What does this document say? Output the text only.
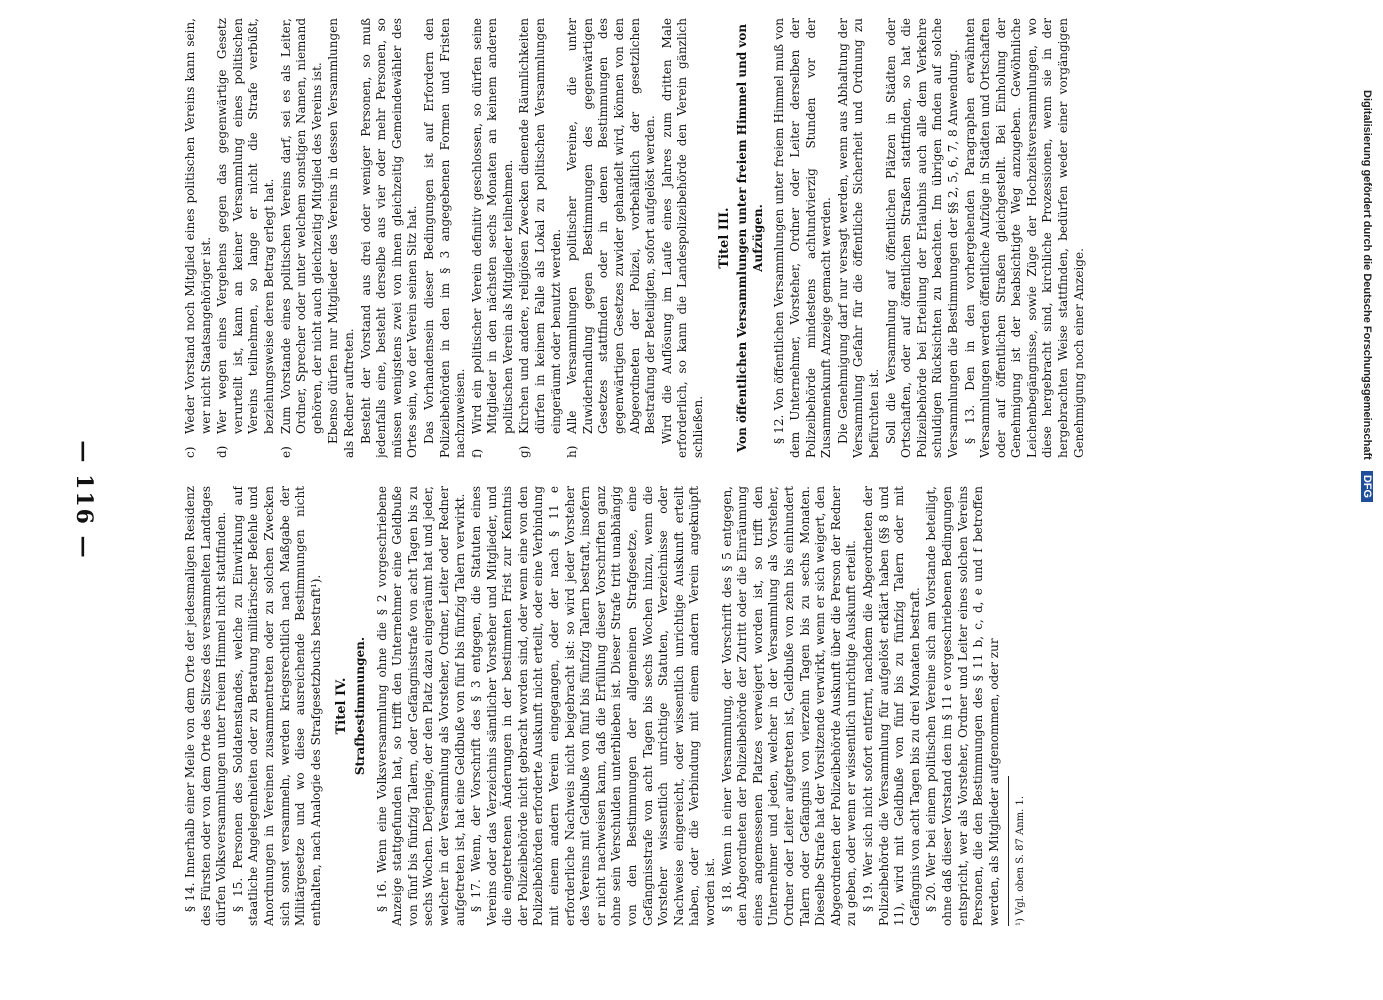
— 116 —	c)
Weder Vorstand noch Mitglied eines politischen Vereins kann sein, wer nicht Staatsangehöriger ist.

d)
Wer wegen eines Vergehens gegen das gegenwärtige Gesetz verurteilt ist, kann an keiner Versammlung eines politischen Vereins teilnehmen, so lange er nicht die Strafe verbüßt, beziehungsweise deren Betrag erlegt hat.

e)
Zum Vorstande eines politischen Vereins darf, sei es als Leiter, Ordner, Sprecher oder unter welchem sonstigen Namen, niemand gehören, der nicht auch gleichzeitig Mitglied des Vereins ist. Ebenso dürfen nur Mitglieder des Vereins in dessen Versammlungen als Redner auftreten. Besteht der Vorstand aus drei oder weniger Personen, so muß jedenfalls eine, besteht derselbe aus vier oder mehr Personen, so müssen wenigstens zwei von ihnen gleichzeitig Gemeindewähler des Ortes sein, wo der Verein seinen Sitz hat. Das Vorhandensein dieser Bedingungen ist auf Erfordern den Polizeibehörden in den im § 3 angegebenen Formen und Fristen nachzuweisen. f)
Wird ein politischer Verein definitiv geschlossen, so dürfen seine Mitglieder in den nächsten sechs Monaten an keinem anderen politischen Verein als Mitglieder teilnehmen.

g)
Kirchen und andere, religiösen Zwecken dienende Räumlichkeiten dürfen in keinem Falle als Lokal zu politischen Versammlungen eingeräumt oder benutzt werden.

h)
Alle Versammlungen politischer Vereine, die unter Zuwiderhandlung gegen Bestimmungen des gegenwärtigen Gesetzes stattfinden oder in denen Bestimmungen des gegenwärtigen Gesetzes zuwider gehandelt wird, können von den Abgeordneten der Polizei, vorbehältlich der gesetzlichen Bestrafung der Beteiligten, sofort aufgelöst werden. Wird die Auflösung im Laufe eines Jahres zum dritten Male erforderlich, so kann die Landespolizeibehörde den Verein gänzlich schließen.

Titel III. Von öffentlichen Versammlungen unter freiem Himmel und von Aufzügen. § 12. Von öffentlichen Versammlungen unter freiem Himmel muß von dem Unternehmer, Vorsteher, Ordner oder Leiter derselben der Polizeibehörde mindestens achtundvierzig Stunden vor der Zusammenkunft Anzeige gemacht werden. Die Genehmigung darf nur versagt werden, wenn aus Abhaltung der Versammlung Gefahr für die öffentliche Sicherheit und Ordnung zu befürchten ist. Soll die Versammlung auf öffentlichen Plätzen in Städten oder Ortschaften, oder auf öffentlichen Straßen stattfinden, so hat die Polizeibehörde bei Erteilung der Erlaubnis auch alle dem Verkehre schuldigen Rücksichten zu beachten. Im übrigen finden auf solche Versammlungen die Bestimmungen der §§ 2, 5, 6, 7, 8 Anwendung. § 13. Den in den vorhergehenden Paragraphen erwähnten Versammlungen werden öffentliche Aufzüge in Städten und Ortschaften oder auf öffentlichen Straßen gleichgestellt. Bei Einholung der Genehmigung ist der beabsichtigte Weg anzugeben. Gewöhnliche Leichenbegängnisse, sowie Züge der Hochzeitsversammlungen, wo diese hergebracht sind, kirchliche Prozessionen, wenn sie in der hergebrachten Weise stattfinden, bedürfen weder einer vorgängigen Genehmigung noch einer Anzeige.

§ 14. Innerhalb einer Meile von dem Orte der jedesmaligen Residenz des Fürsten oder von dem Orte des Sitzes des versammelten Landtages dürfen Volksversammlungen unter freiem Himmel nicht stattfinden. § 15. Personen des Soldatenstandes, welche zu Einwirkung auf staatliche Angelegenheiten oder zu Beratung militärischer Befehle und Anordnungen in Vereinen zusammentreten oder zu solchen Zwecken sich sonst versammeln, werden kriegsrechtlich nach Maßgabe der Militärgesetze und wo diese ausreichende Bestimmungen nicht enthalten, nach Analogie des Strafgesetzbuchs bestraft¹). Titel IV. Strafbestimmungen. § 16. Wenn eine Volksversammlung ohne die § 2 vorgeschriebene Anzeige stattgefunden hat, so trifft den Unternehmer eine Geldbuße von fünf bis fünfzig Talern, oder Gefängnisstrafe von acht Tagen bis zu sechs Wochen. Derjenige, der den Platz dazu eingeräumt hat und jeder, welcher in der Versammlung als Vorsteher, Ordner, Leiter oder Redner aufgetreten ist, hat eine Geldbuße von fünf bis fünfzig Talern verwirkt. § 17. Wenn, der Vorschrift des § 3 entgegen, die Statuten eines Vereins oder das Verzeichnis sämtlicher Vorsteher und Mitglieder, und die eingetretenen Änderungen in der bestimmten Frist zur Kenntnis der Polizeibehörde nicht gebracht worden sind, oder wenn eine von den Polizeibehörden erforderte Auskunft nicht erteilt, oder eine Verbindung mit einem andern Verein eingegangen, oder der nach § 11 e erforderliche Nachweis nicht beigebracht ist: so wird jeder Vorsteher des Vereins mit Geldbuße von fünf bis fünfzig Talern bestraft, insofern er nicht nachweisen kann, daß die Erfüllung dieser Vorschriften ganz ohne sein Verschulden unterblieben ist. Dieser Strafe tritt unabhängig von den Bestimmungen der allgemeinen Strafgesetze, eine Gefängnisstrafe von acht Tagen bis sechs Wochen hinzu, wenn die Vorsteher wissentlich unrichtige Statuten, Verzeichnisse oder Nachweise eingereicht, oder wissentlich unrichtige Auskunft erteilt haben, oder die Verbindung mit einem andern Verein angeknüpft worden ist. § 18. Wenn in einer Versammlung, der Vorschrift des § 5 entgegen, den Abgeordneten der Polizeibehörde der Zutritt oder die Einräumung eines angemessenen Platzes verweigert worden ist, so trifft den Unternehmer und jeden, welcher in der Versammlung als Vorsteher, Ordner oder Leiter aufgetreten ist, Geldbuße von zehn bis einhundert Talern oder Gefängnis von vierzehn Tagen bis zu sechs Monaten. Dieselbe Strafe hat der Vorsitzende verwirkt, wenn er sich weigert, den Abgeordneten der Polizeibehörde Auskunft über die Person der Redner zu geben, oder wenn er wissentlich unrichtige Auskunft erteilt. § 19. Wer sich nicht sofort entfernt, nachdem die Abgeordneten der Polizeibehörde die Versammlung für aufgelöst erklärt haben (§§ 8 und 11), wird mit Geldbuße von fünf bis zu fünfzig Talern oder mit Gefängnis von acht Tagen bis zu drei Monaten bestraft. § 20. Wer bei einem politischen Vereine sich am Vorstande beteiligt, ohne daß dieser Vorstand den im § 11 e vorgeschriebenen Bedingungen entspricht, wer als Vorsteher, Ordner und Leiter eines solchen Vereins Personen, die den Bestimmungen des § 11 b, c, d, e und f betroffen werden, als Mitglieder aufgenommen, oder zur ¹) Vgl. oben S. 87 Anm. 1.
Digitalisierung gefördert durch die Deutsche Forschungsgemeinschaft DFG
